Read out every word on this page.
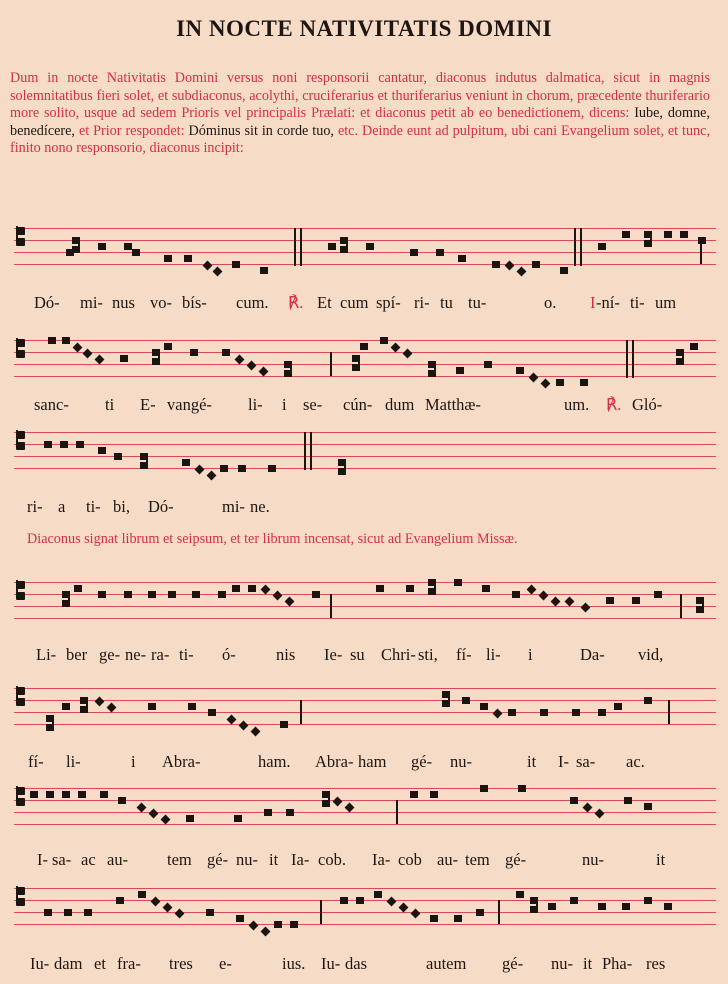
IN NOCTE NATIVITATIS DOMINI
Dum in nocte Nativitatis Domini versus noni responsorii cantatur, diaconus indutus dalmatica, sicut in magnis solemnitatibus fieri solet, et subdiaconus, acolythi, cruciferarius et thuriferarius veniunt in chorum, præcedente thuriferario more solito, usque ad sedem Prioris vel principalis Prælati: et diaconus petit ab eo benedictionem, dicens: Iube, domne, benedícere, et Prior respondet: Dóminus sit in corde tuo, etc. Deinde eunt ad pulpitum, ubi cani Evangelium solet, et tunc, finito nono responsorio, diaconus incipit:
Diaconus signat librum et seipsum, et ter librum incensat, sicut ad Evangelium Missæ.
Dó- mi- nus vo- bís- cum. ℟. Et cum spí- ri- tu tu-	o. I -ní- ti- um
sanc- ti E- vangé- li- i se- cún- dum Matthæ-	um. ℟. Gló-
ri- a ti- bi, Dó-	mi- ne.
Li- ber ge- ne- ra- ti- ó- nis Ie- su Chri- sti, fí- li- i	Da- vid,
fí- li-	i Abra-	ham. Abra- ham gé- nu-	it I- sa- ac.
I- sa- ac au- tem gé- nu- it Ia- cob. Ia- cob au- tem gé-	nu-	it
Iu- dam et fra- tres e-	ius. Iu- das	autem gé- nu- it Pha- res
